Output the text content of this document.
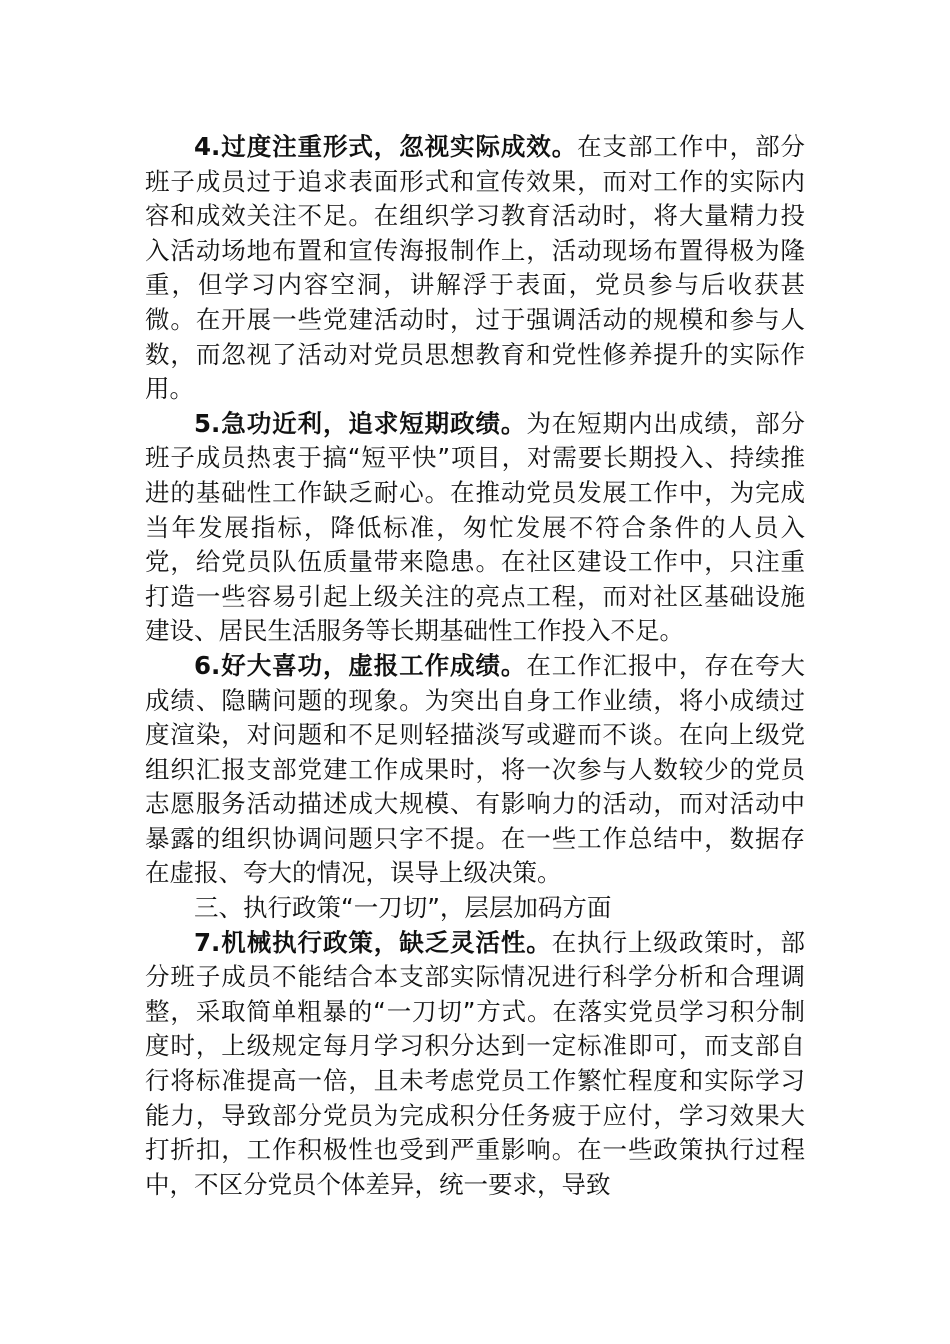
4.过度注重形式，忽视实际成效。在支部工作中，部分班子成员过于追求表面形式和宣传效果，而对工作的实际内容和成效关注不足。在组织学习教育活动时，将大量精力投入活动场地布置和宣传海报制作上，活动现场布置得极为隆重，但学习内容空洞，讲解浮于表面，党员参与后收获甚微。在开展一些党建活动时，过于强调活动的规模和参与人数，而忽视了活动对党员思想教育和党性修养提升的实际作用。

5.急功近利，追求短期政绩。为在短期内出成绩，部分班子成员热衷于搞“短平快”项目，对需要长期投入、持续推进的基础性工作缺乏耐心。在推动党员发展工作中，为完成当年发展指标，降低标准，匆忙发展不符合条件的人员入党，给党员队伍质量带来隐患。在社区建设工作中，只注重打造一些容易引起上级关注的亮点工程，而对社区基础设施建设、居民生活服务等长期基础性工作投入不足。

6.好大喜功，虚报工作成绩。在工作汇报中，存在夸大成绩、隐瞒问题的现象。为突出自身工作业绩，将小成绩过度渲染，对问题和不足则轻描淡写或避而不谈。在向上级党组织汇报支部党建工作成果时，将一次参与人数较少的党员志愿服务活动描述成大规模、有影响力的活动，而对活动中暴露的组织协调问题只字不提。在一些工作总结中，数据存在虚报、夸大的情况，误导上级决策。

三、执行政策“一刀切”，层层加码方面

7.机械执行政策，缺乏灵活性。在执行上级政策时，部分班子成员不能结合本支部实际情况进行科学分析和合理调整，采取简单粗暴的“一刀切”方式。在落实党员学习积分制度时，上级规定每月学习积分达到一定标准即可，而支部自行将标准提高一倍，且未考虑党员工作繁忙程度和实际学习能力，导致部分党员为完成积分任务疲于应付，学习效果大打折扣，工作积极性也受到严重影响。在一些政策执行过程中，不区分党员个体差异，统一要求，导致
